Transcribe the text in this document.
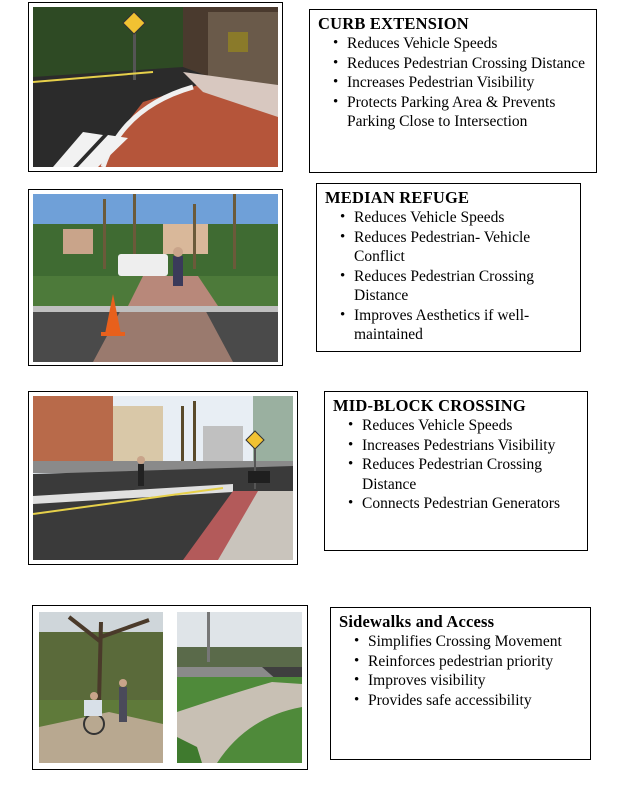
CURB EXTENSION
• Reduces Vehicle Speeds
• Reduces Pedestrian Crossing Distance
• Increases Pedestrian Visibility
• Protects Parking Area & Prevents Parking Close to Intersection
MEDIAN REFUGE
• Reduces Vehicle Speeds
• Reduces Pedestrian- Vehicle Conflict
• Reduces Pedestrian Crossing Distance
• Improves Aesthetics if well-maintained
MID-BLOCK CROSSING
• Reduces Vehicle Speeds
• Increases Pedestrians Visibility
• Reduces Pedestrian Crossing Distance
• Connects Pedestrian Generators
Sidewalks and Access
• Simplifies Crossing Movement
• Reinforces pedestrian priority
• Improves visibility
• Provides safe accessibility
